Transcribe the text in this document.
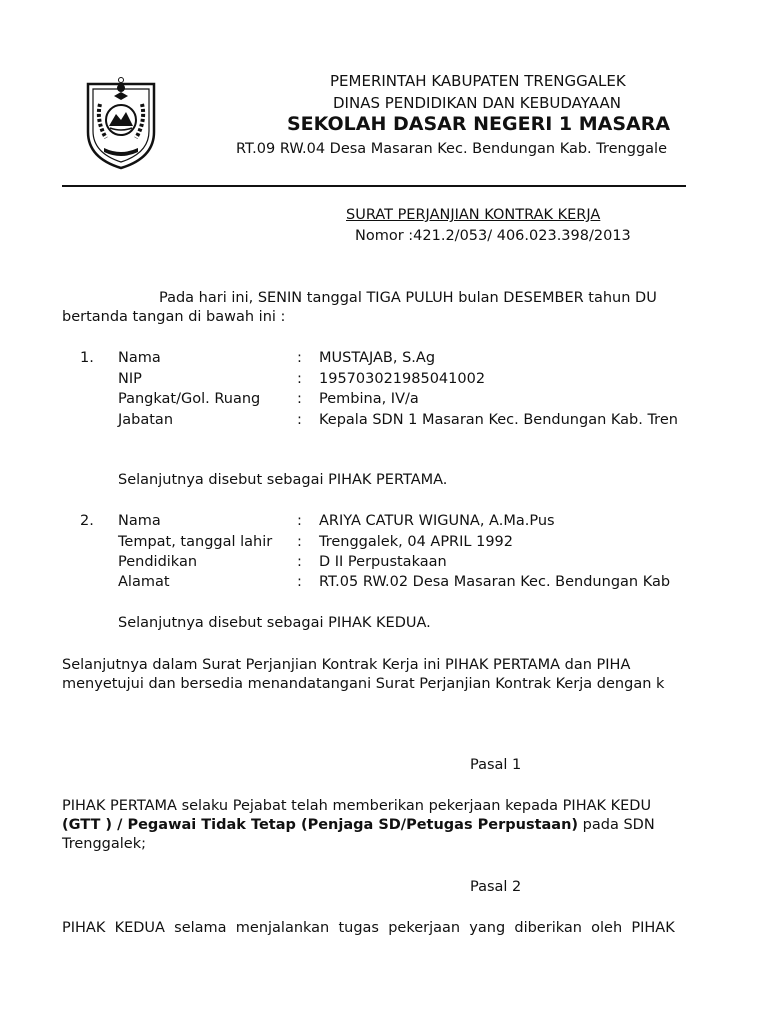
PEMERINTAH KABUPATEN TRENGGALEK
DINAS PENDIDIKAN DAN KEBUDAYAAN
SEKOLAH DASAR NEGERI 1 MASARA
RT.09 RW.04 Desa Masaran Kec. Bendungan Kab. Trenggale
SURAT PERJANJIAN KONTRAK KERJA
Nomor :421.2/053/ 406.023.398/2013
Pada hari ini, SENIN tanggal TIGA PULUH bulan DESEMBER tahun DU
bertanda tangan di bawah ini :
1. Nama	: MUSTAJAB, S.Ag
NIP	: 195703021985041002
Pangkat/Gol. Ruang	: Pembina, IV/a
Jabatan	: Kepala SDN 1 Masaran Kec. Bendungan Kab. Tren
Selanjutnya disebut sebagai PIHAK PERTAMA.
2. Nama	: ARIYA CATUR WIGUNA, A.Ma.Pus
Tempat, tanggal lahir : Trenggalek, 04 APRIL 1992
Pendidikan	: D II Perpustakaan
Alamat	: RT.05 RW.02 Desa Masaran Kec. Bendungan Kab
Selanjutnya disebut sebagai PIHAK KEDUA.
Selanjutnya dalam Surat Perjanjian Kontrak Kerja ini PIHAK PERTAMA dan PIHA
menyetujui dan bersedia menandatangani Surat Perjanjian Kontrak Kerja dengan k
Pasal 1
PIHAK PERTAMA selaku Pejabat telah memberikan pekerjaan kepada PIHAK KEDU
(GTT ) / Pegawai Tidak Tetap (Penjaga SD/Petugas Perpustaan) pada SDN
Trenggalek;
Pasal 2
PIHAK  KEDUA  selama  menjalankan  tugas  pekerjaan  yang  diberikan  oleh  PIHAK
